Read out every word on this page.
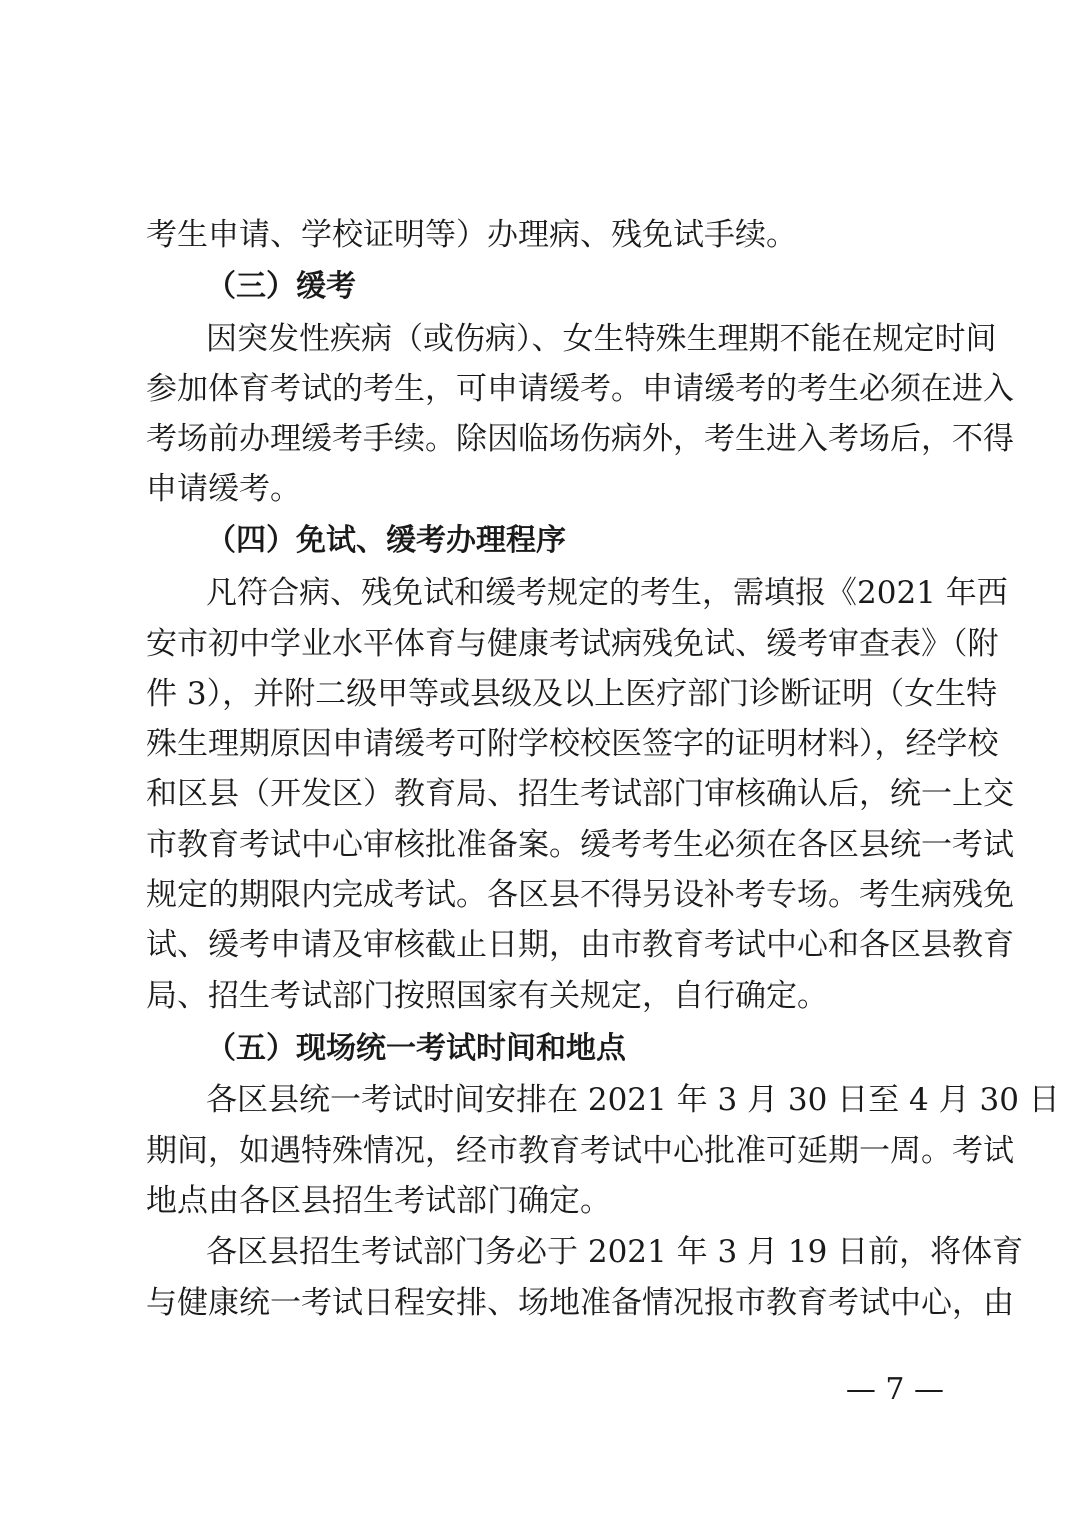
考生申请、学校证明等）办理病、残免试手续。
（三）缓考
因突发性疾病（或伤病）、女生特殊生理期不能在规定时间
参加体育考试的考生，可申请缓考。申请缓考的考生必须在进入
考场前办理缓考手续。除因临场伤病外，考生进入考场后，不得
申请缓考。
（四）免试、缓考办理程序
凡符合病、残免试和缓考规定的考生，需填报《2021 年西
安市初中学业水平体育与健康考试病残免试、缓考审查表》（附
件 3），并附二级甲等或县级及以上医疗部门诊断证明（女生特
殊生理期原因申请缓考可附学校校医签字的证明材料），经学校
和区县（开发区）教育局、招生考试部门审核确认后，统一上交
市教育考试中心审核批准备案。缓考考生必须在各区县统一考试
规定的期限内完成考试。各区县不得另设补考专场。考生病残免
试、缓考申请及审核截止日期，由市教育考试中心和各区县教育
局、招生考试部门按照国家有关规定，自行确定。
（五）现场统一考试时间和地点
各区县统一考试时间安排在 2021 年 3 月 30 日至 4 月 30 日
期间，如遇特殊情况，经市教育考试中心批准可延期一周。考试
地点由各区县招生考试部门确定。
各区县招生考试部门务必于 2021 年 3 月 19 日前，将体育
与健康统一考试日程安排、场地准备情况报市教育考试中心，由
— 7 —
